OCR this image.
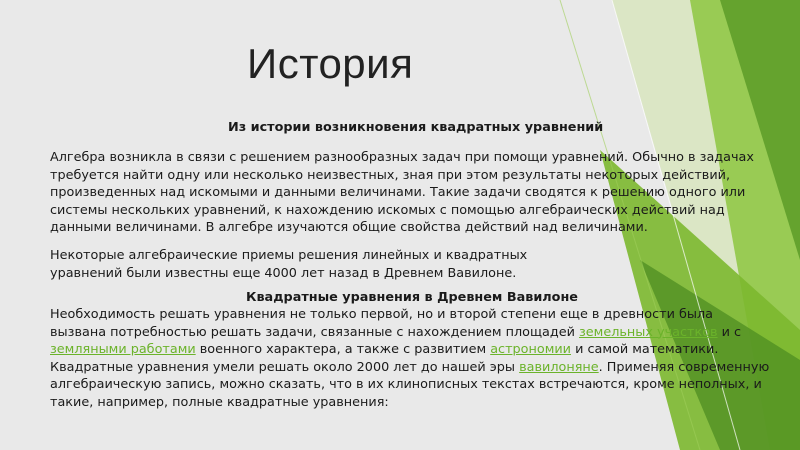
История
Из истории возникновения квадратных уравнений
Алгебра возникла в связи с решением разнообразных задач при помощи уравнений. Обычно в задачах требуется найти одну или несколько неизвестных, зная при этом результаты некоторых действий, произведенных над искомыми и данными величинами. Такие задачи сводятся к решению одного или системы нескольких уравнений, к нахождению искомых с помощью алгебраических действий над данными величинами. В алгебре изучаются общие свойства действий над величинами.
Некоторые алгебраические приемы решения линейных и квадратных уравнений были известны еще 4000 лет назад в Древнем Вавилоне.
Квадратные уравнения в Древнем Вавилоне
Необходимость решать уравнения не только первой, но и второй степени еще в древности была вызвана потребностью решать задачи, связанные с нахождением площадей земельных участков и с земляными работами военного характера, а также с развитием астрономии и самой математики. Квадратные уравнения умели решать около 2000 лет до нашей эры вавилоняне. Применяя современную алгебраическую запись, можно сказать, что в их клинописных текстах встречаются, кроме неполных, и такие, например, полные квадратные уравнения:
